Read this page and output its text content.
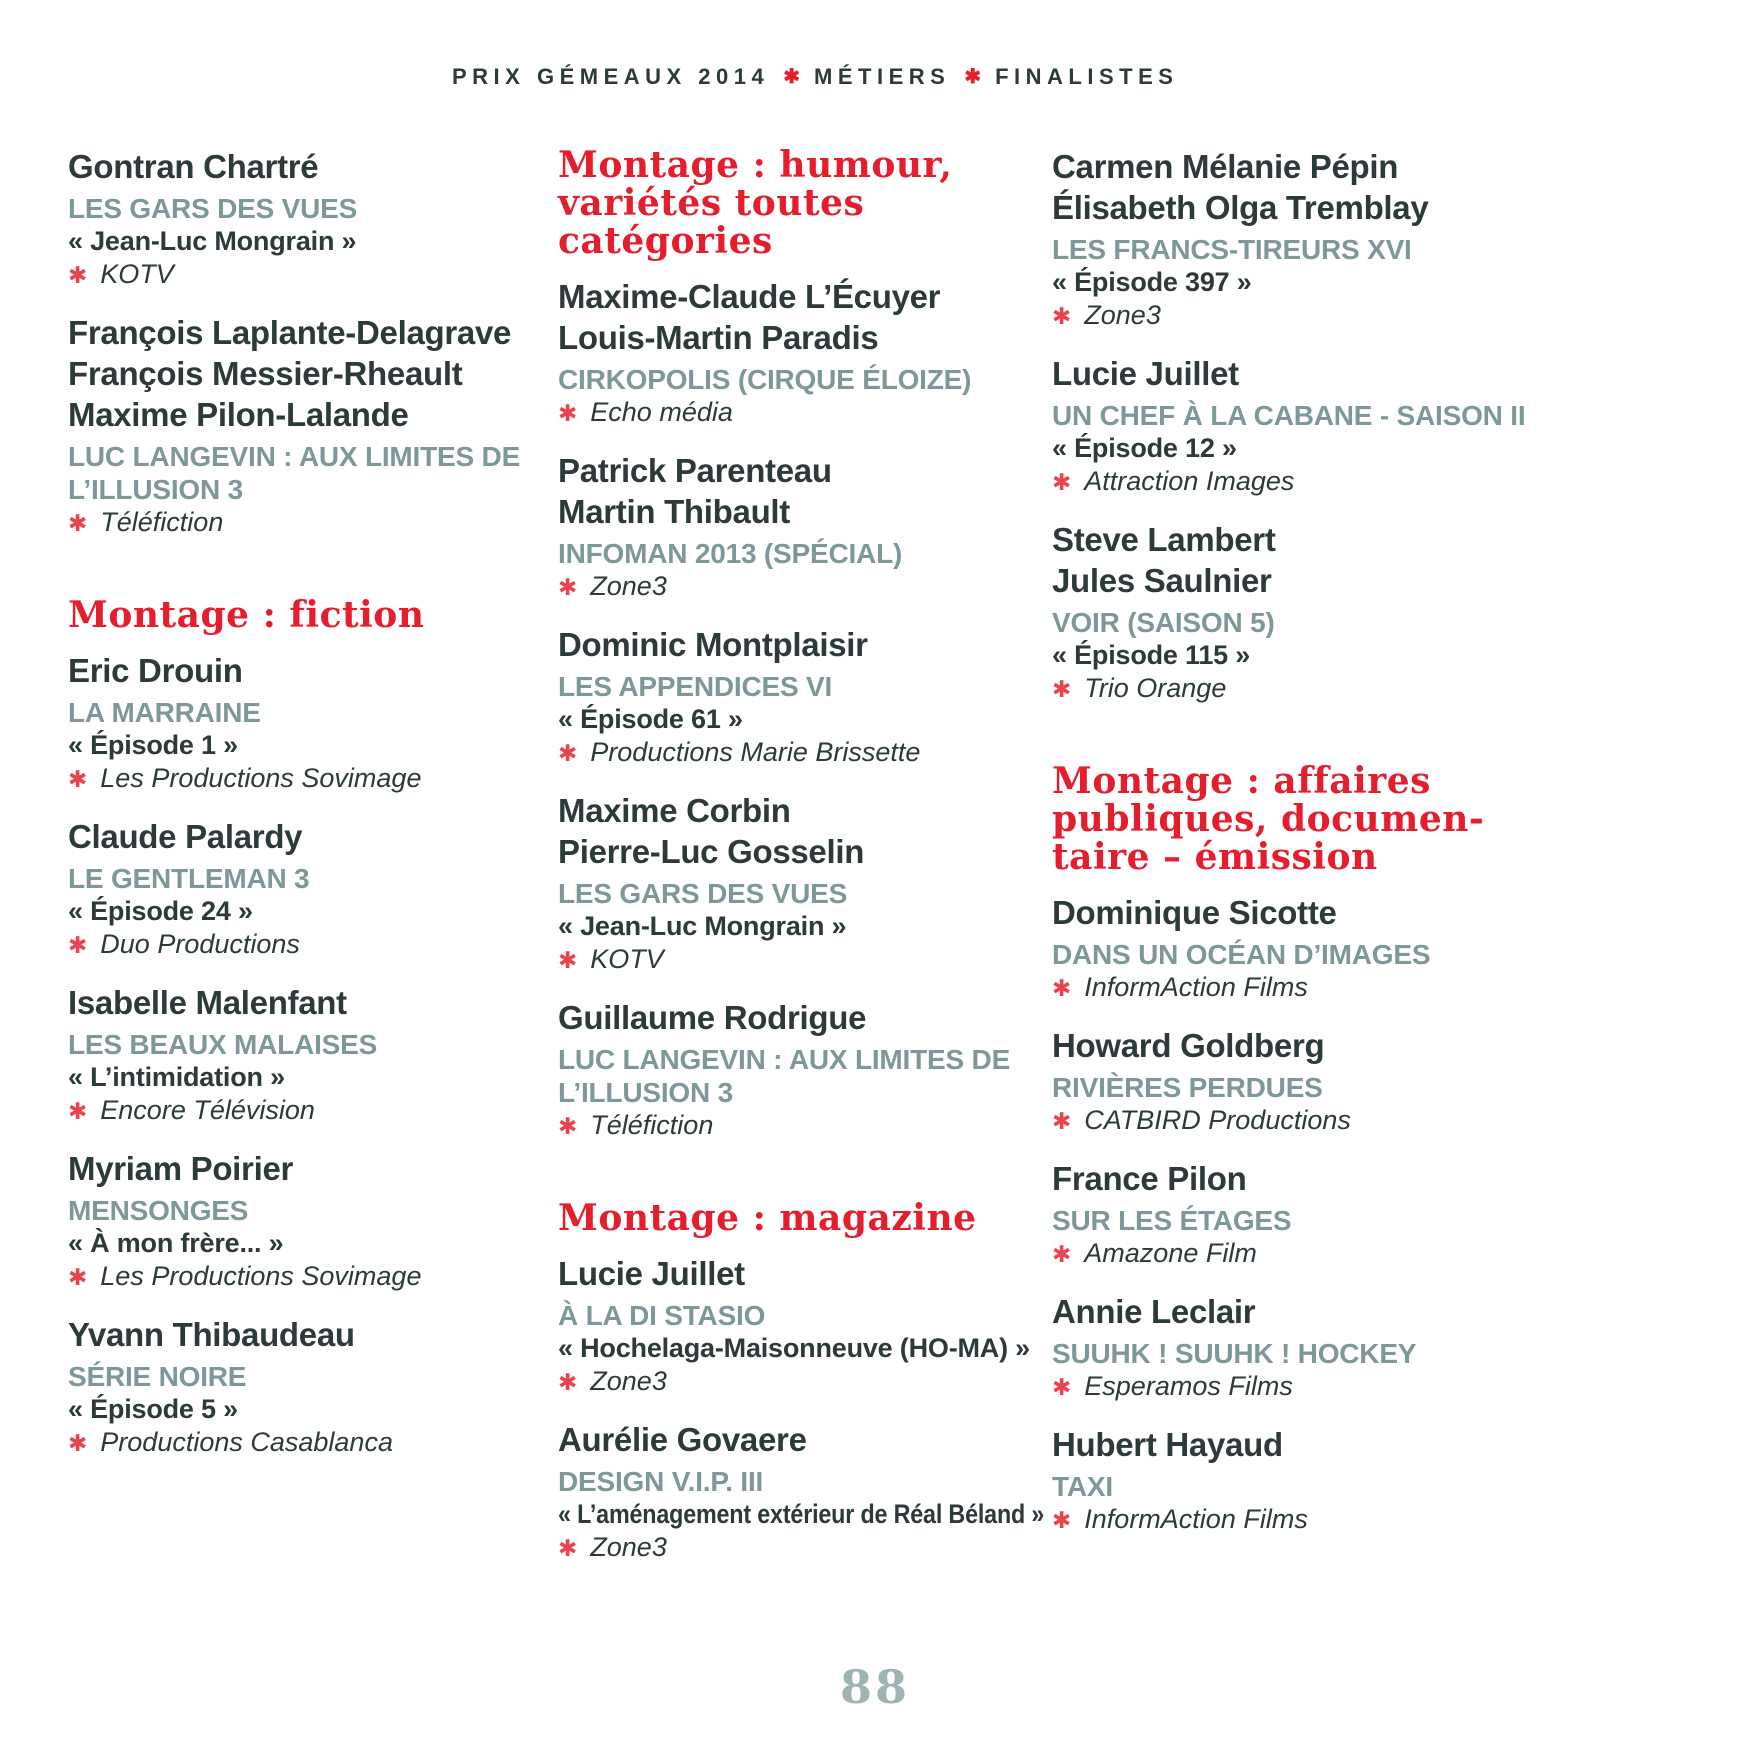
PRIX GÉMEAUX 2014 ✱ MÉTIERS ✱ FINALISTES
Gontran Chartré
LES GARS DES VUES
« Jean-Luc Mongrain »
✱ KOTV
François Laplante-Delagrave
François Messier-Rheault
Maxime Pilon-Lalande
LUC LANGEVIN : AUX LIMITES DE
L’ILLUSION 3
✱ Téléfiction
Montage : fiction
Eric Drouin
LA MARRAINE
« Épisode 1 »
✱ Les Productions Sovimage
Claude Palardy
LE GENTLEMAN 3
« Épisode 24 »
✱ Duo Productions
Isabelle Malenfant
LES BEAUX MALAISES
« L’intimidation »
✱ Encore Télévision
Myriam Poirier
MENSONGES
« À mon frère... »
✱ Les Productions Sovimage
Yvann Thibaudeau
SÉRIE NOIRE
« Épisode 5 »
✱ Productions Casablanca
Montage : humour,
variétés toutes
catégories
Maxime-Claude L’Écuyer
Louis-Martin Paradis
CIRKOPOLIS (CIRQUE ÉLOIZE)
✱ Echo média
Patrick Parenteau
Martin Thibault
INFOMAN 2013 (SPÉCIAL)
✱ Zone3
Dominic Montplaisir
LES APPENDICES VI
« Épisode 61 »
✱ Productions Marie Brissette
Maxime Corbin
Pierre-Luc Gosselin
LES GARS DES VUES
« Jean-Luc Mongrain »
✱ KOTV
Guillaume Rodrigue
LUC LANGEVIN : AUX LIMITES DE
L’ILLUSION 3
✱ Téléfiction
Montage : magazine
Lucie Juillet
À LA DI STASIO
« Hochelaga-Maisonneuve (HO-MA) »
✱ Zone3
Aurélie Govaere
DESIGN V.I.P. III
« L’aménagement extérieur de Réal Béland »
✱ Zone3
Carmen Mélanie Pépin
Élisabeth Olga Tremblay
LES FRANCS-TIREURS XVI
« Épisode 397 »
✱ Zone3
Lucie Juillet
UN CHEF À LA CABANE - SAISON II
« Épisode 12 »
✱ Attraction Images
Steve Lambert
Jules Saulnier
VOIR (SAISON 5)
« Épisode 115 »
✱ Trio Orange
Montage : affaires
publiques, documen-
taire – émission
Dominique Sicotte
DANS UN OCÉAN D’IMAGES
✱ InformAction Films
Howard Goldberg
RIVIÈRES PERDUES
✱ CATBIRD Productions
France Pilon
SUR LES ÉTAGES
✱ Amazone Film
Annie Leclair
SUUHK ! SUUHK ! HOCKEY
✱ Esperamos Films
Hubert Hayaud
TAXI
✱ InformAction Films
88
